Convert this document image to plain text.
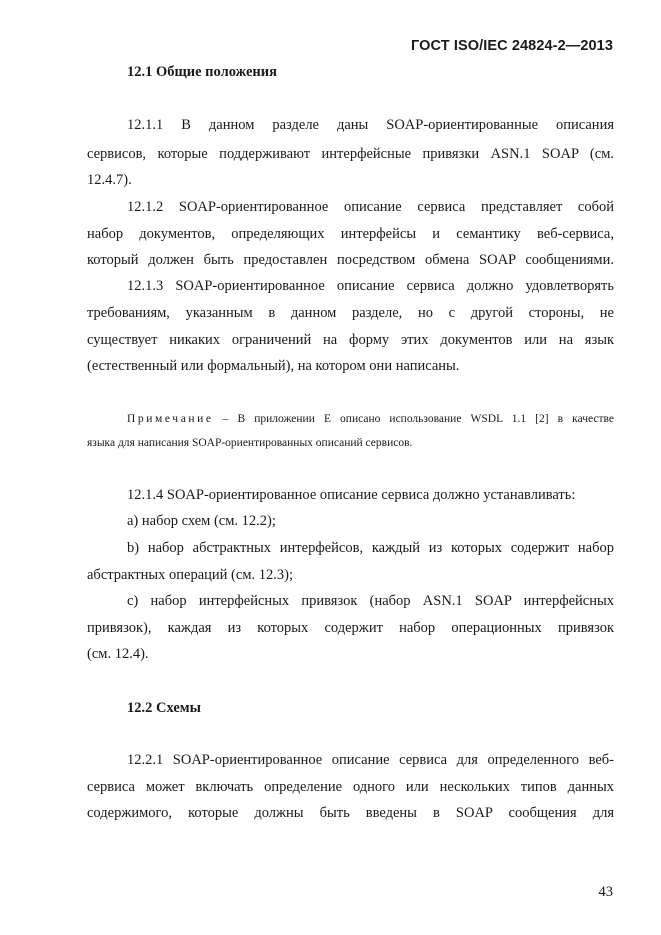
ГОСТ ISO/IEC 24824-2—2013
12.1 Общие положения
12.1.1 В данном разделе даны SOAP-ориентированные описания
сервисов, которые поддерживают интерфейсные привязки ASN.1 SOAP (см.
12.4.7).
12.1.2 SOAP-ориентированное описание сервиса представляет собой
набор документов, определяющих интерфейсы и семантику веб-сервиса,
который должен быть предоставлен посредством обмена SOAP сообщениями.
12.1.3 SOAP-ориентированное описание сервиса должно удовлетворять
требованиям, указанным в данном разделе, но с другой стороны, не
существует никаких ограничений на форму этих документов или на язык
(естественный или формальный), на котором они написаны.
Примечание – В приложении Е описано использование WSDL 1.1 [2] в качестве
языка для написания SOAP-ориентированных описаний сервисов.
12.1.4 SOAP-ориентированное описание сервиса должно устанавливать:
а) набор схем (см. 12.2);
b) набор абстрактных интерфейсов, каждый из которых содержит набор
абстрактных операций (см. 12.3);
с) набор интерфейсных привязок (набор ASN.1 SOAP интерфейсных
привязок), каждая из которых содержит набор операционных привязок
(см. 12.4).
12.2 Схемы
12.2.1 SOAP-ориентированное описание сервиса для определенного веб-
сервиса может включать определение одного или нескольких типов данных
содержимого, которые должны быть введены в SOAP сообщения для
43
